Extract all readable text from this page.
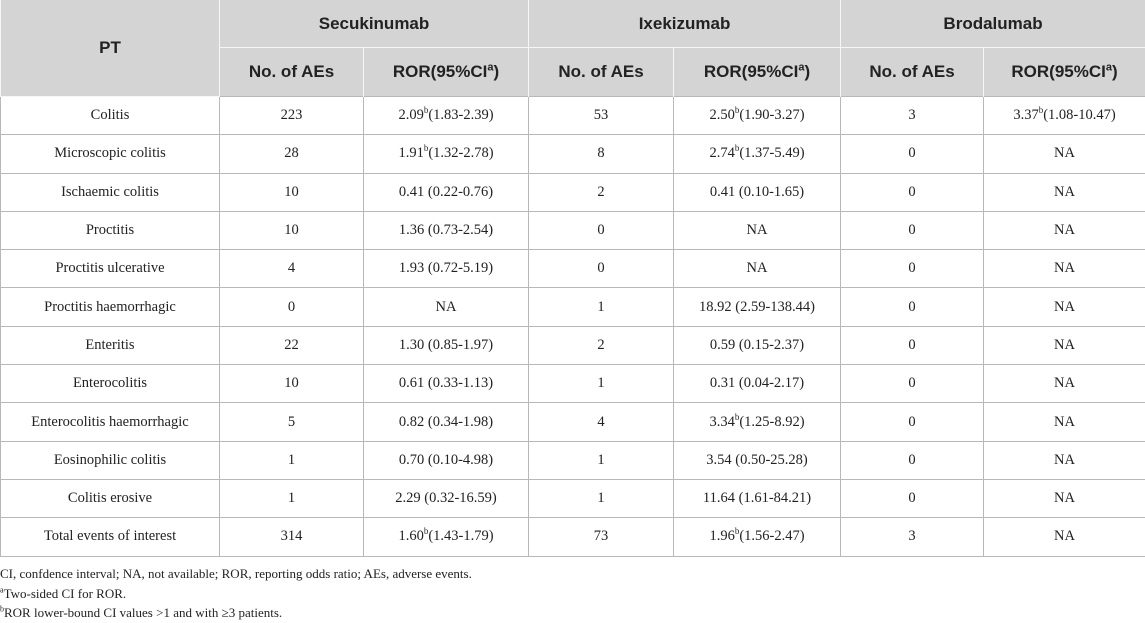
PT	Secukinumab		Ixekizumab		Brodalumab	
	No. of AEs	$ROR(95\%CI^a)$	No. of AEs	$ROR(95\%CI^a)$	No. of AEs	$ROR(95\%CI^a)$
Colitis	223	2.09$^b$(1.83-2.39)	53	2.50$^b$(1.90-3.27)	3	3.37$^b$(1.08-10.47)
Microscopic colitis	28	1.91$^b$(1.32-2.78)	8	2.74$^b$(1.37-5.49)	0	NA
Ischaemic colitis	10	0.41 (0.22-0.76)	2	0.41 (0.10-1.65)	0	NA
Proctitis	10	1.36 (0.73-2.54)	0	NA	0	NA
Proctitis ulcerative	4	1.93 (0.72-5.19)	0	NA	0	NA
Proctitis haemorrhagic	0	NA	1	18.92 (2.59-138.44)	0	NA
Enteritis	22	1.30 (0.85-1.97)	2	0.59 (0.15-2.37)	0	NA
Enterocolitis	10	0.61 (0.33-1.13)	1	0.31 (0.04-2.17)	0	NA
Enterocolitis haemorrhagic	5	0.82 (0.34-1.98)	4	3.34$^b$(1.25-8.92)	0	NA
Eosinophilic colitis	1	0.70 (0.10-4.98)	1	3.54 (0.50-25.28)	0	NA
Colitis erosive	1	2.29 (0.32-16.59)	1	11.64 (1.61-84.21)	0	NA
Total events of interest	314	1.60$^b$(1.43-1.79)	73	1.96$^b$(1.56-2.47)	3	NA
CI, confdence interval; NA, not available; ROR, reporting odds ratio; AEs, adverse events.
$^a$Two-sided CI for ROR.
$^b$ROR lower-bound CI values >1 and with ≥3 patients.
